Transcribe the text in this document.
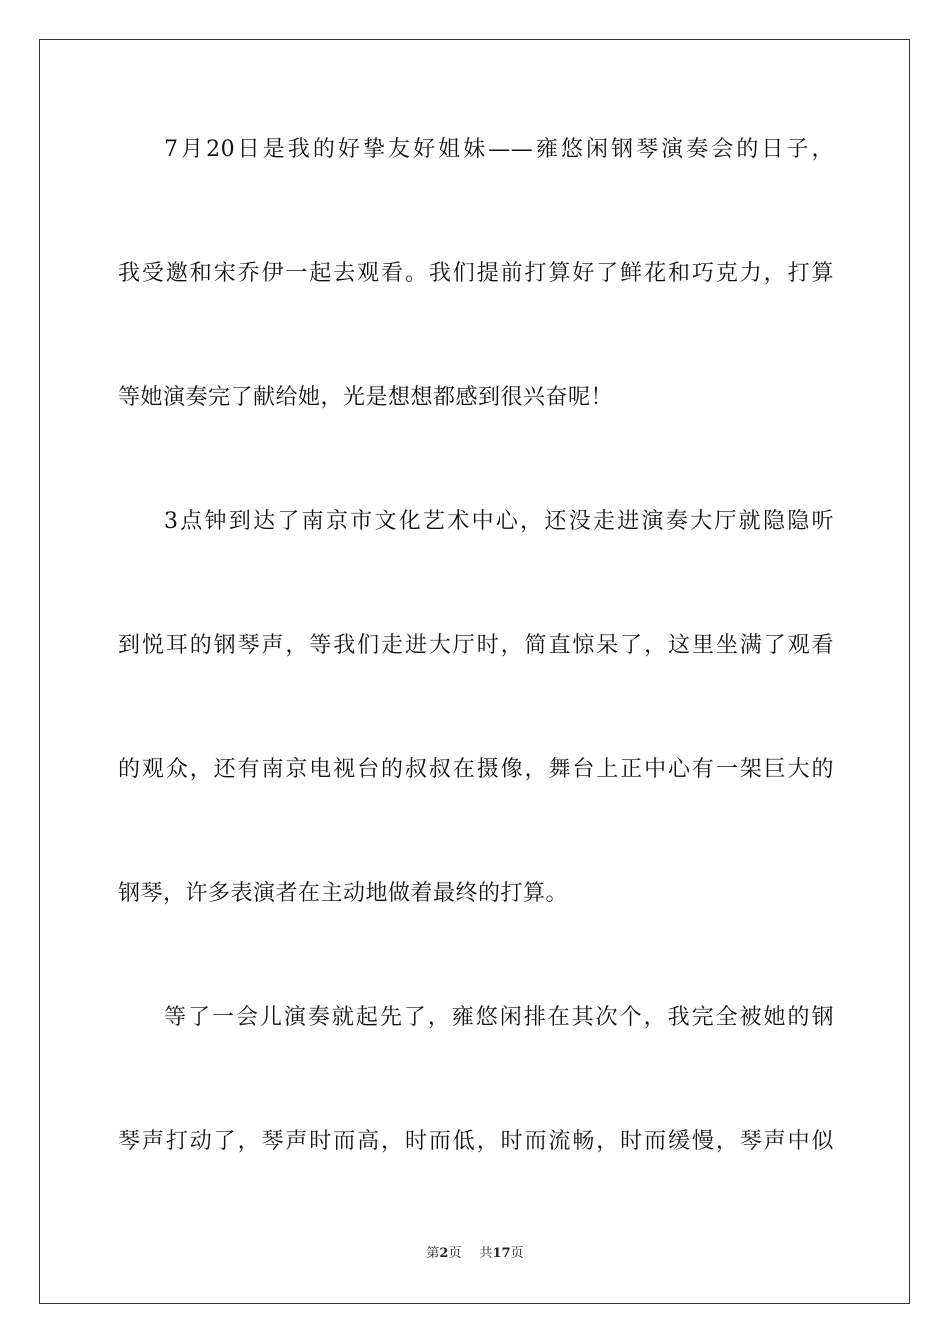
7月20日是我的好挚友好姐妹——雍悠闲钢琴演奏会的日子，
我受邀和宋乔伊一起去观看。我们提前打算好了鲜花和巧克力，打算
等她演奏完了献给她，光是想想都感到很兴奋呢！
3点钟到达了南京市文化艺术中心，还没走进演奏大厅就隐隐听
到悦耳的钢琴声，等我们走进大厅时，简直惊呆了，这里坐满了观看
的观众，还有南京电视台的叔叔在摄像，舞台上正中心有一架巨大的
钢琴，许多表演者在主动地做着最终的打算。
等了一会儿演奏就起先了，雍悠闲排在其次个，我完全被她的钢
琴声打动了，琴声时而高，时而低，时而流畅，时而缓慢，琴声中似
第2页 共17页
